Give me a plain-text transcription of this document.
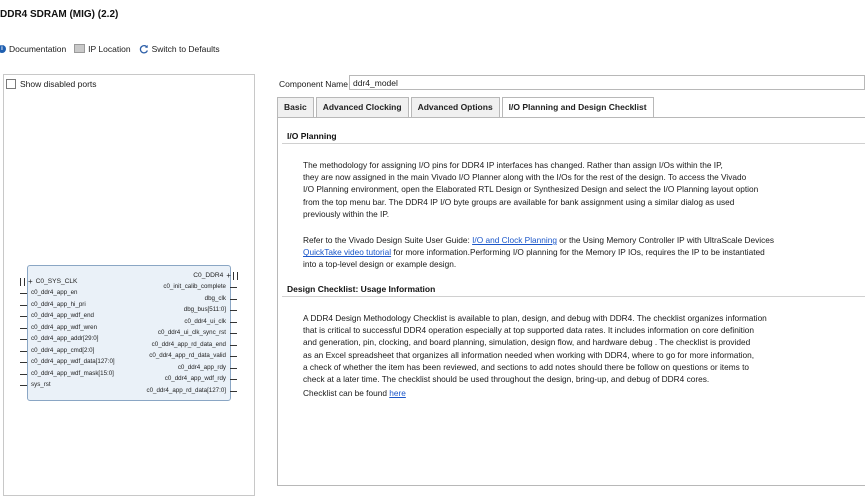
DDR4 SDRAM (MIG) (2.2)
i Documentation	IP Location Switch to Defaults
Show disabled ports
+ C0_SYS_CLK
c0_ddr4_app_en
c0_ddr4_app_hi_pri
c0_ddr4_app_wdf_end
c0_ddr4_app_wdf_wren
c0_ddr4_app_addr[29:0]
c0_ddr4_app_cmd[2:0]
c0_ddr4_app_wdf_data[127:0]
c0_ddr4_app_wdf_mask[15:0]
sys_rst
C0_DDR4 +
c0_init_calib_complete
dbg_clk
dbg_bus[511:0]
c0_ddr4_ui_clk
c0_ddr4_ui_clk_sync_rst
c0_ddr4_app_rd_data_end
c0_ddr4_app_rd_data_valid
c0_ddr4_app_rdy
c0_ddr4_app_wdf_rdy
c0_ddr4_app_rd_data[127:0]
Component Name ddr4_model
Basic	Advanced Clocking	Advanced Options	I/O Planning and Design Checklist
I/O Planning
The methodology for assigning I/O pins for DDR4 IP interfaces has changed. Rather than assign I/Os within the IP,
they are now assigned in the main Vivado I/O Planner along with the I/Os for the rest of the design. To access the Vivado
I/O Planning environment, open the Elaborated RTL Design or Synthesized Design and select the I/O Planning layout option
from the top menu bar. The DDR4 IP I/O byte groups are available for bank assignment using a similar dialog as used
previously within the IP.
Refer to the Vivado Design Suite User Guide: I/O and Clock Planning or the Using Memory Controller IP with UltraScale Devices
QuickTake video tutorial for more information.Performing I/O planning for the Memory IP IOs, requires the IP to be instantiated
into a top-level design or example design.
Design Checklist: Usage Information
A DDR4 Design Methodology Checklist is available to plan, design, and debug with DDR4. The checklist organizes information
that is critical to successful DDR4 operation especially at top supported data rates. It includes information on core definition
and generation, pin, clocking, and board planning, simulation, design flow, and hardware debug . The checklist is provided
as an Excel spreadsheet that organizes all information needed when working with DDR4, where to go for more information,
a check of whether the item has been reviewed, and sections to add notes should there be follow on questions or items to
check at a later time. The checklist should be used throughout the design, bring-up, and debug of DDR4 cores.
Checklist can be found here
